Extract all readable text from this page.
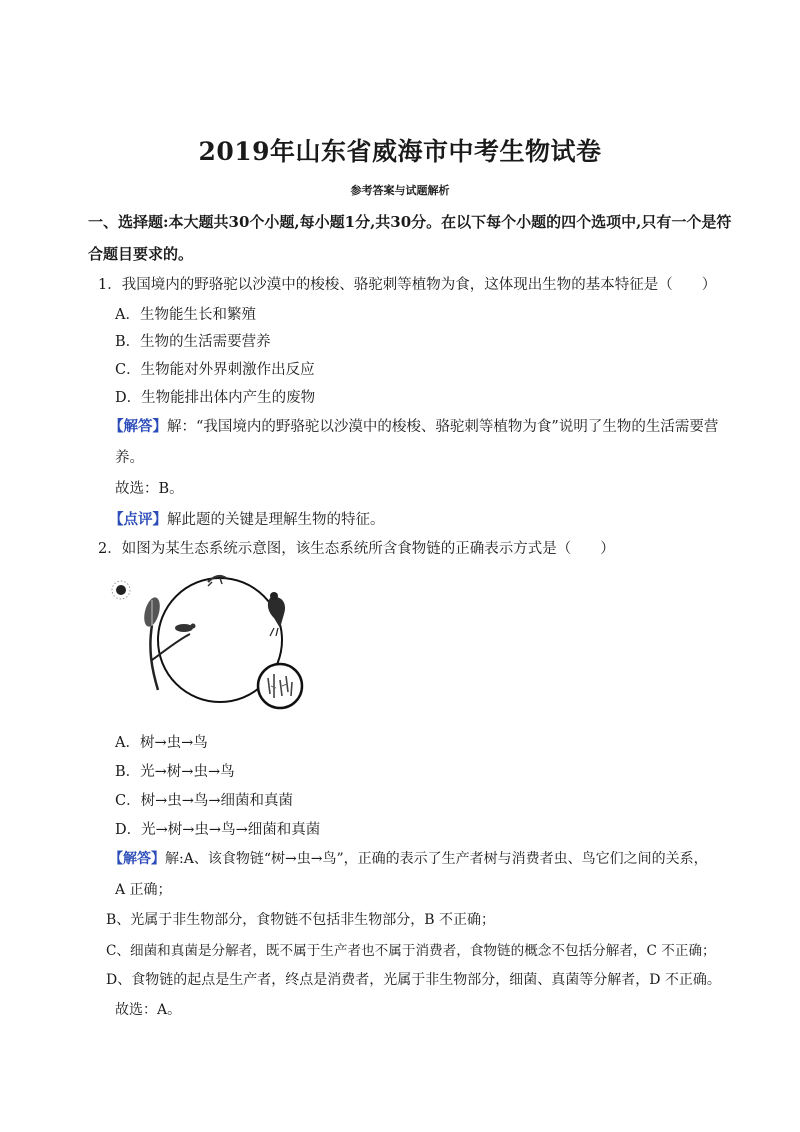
2019年山东省威海市中考生物试卷
参考答案与试题解析
一、选择题:本大题共30个小题,每小题1分,共30分。在以下每个小题的四个选项中,只有一个是符
合题目要求的。
1．我国境内的野骆驼以沙漠中的梭梭、骆驼刺等植物为食，这体现出生物的基本特征是（　　）
A．生物能生长和繁殖
B．生物的生活需要营养
C．生物能对外界刺激作出反应
D．生物能排出体内产生的废物
【解答】解：“我国境内的野骆驼以沙漠中的梭梭、骆驼刺等植物为食”说明了生物的生活需要营
养。
故选：B。
【点评】解此题的关键是理解生物的特征。
2．如图为某生态系统示意图，该生态系统所含食物链的正确表示方式是（　　）
A．树→虫→鸟
B．光→树→虫→鸟
C．树→虫→鸟→细菌和真菌
D．光→树→虫→鸟→细菌和真菌
【解答】解:A、该食物链“树→虫→鸟”，正确的表示了生产者树与消费者虫、鸟它们之间的关系，
A 正确；
B、光属于非生物部分，食物链不包括非生物部分，B 不正确；
C、细菌和真菌是分解者，既不属于生产者也不属于消费者，食物链的概念不包括分解者，C 不正确；
D、食物链的起点是生产者，终点是消费者，光属于非生物部分，细菌、真菌等分解者，D 不正确。
故选：A。
